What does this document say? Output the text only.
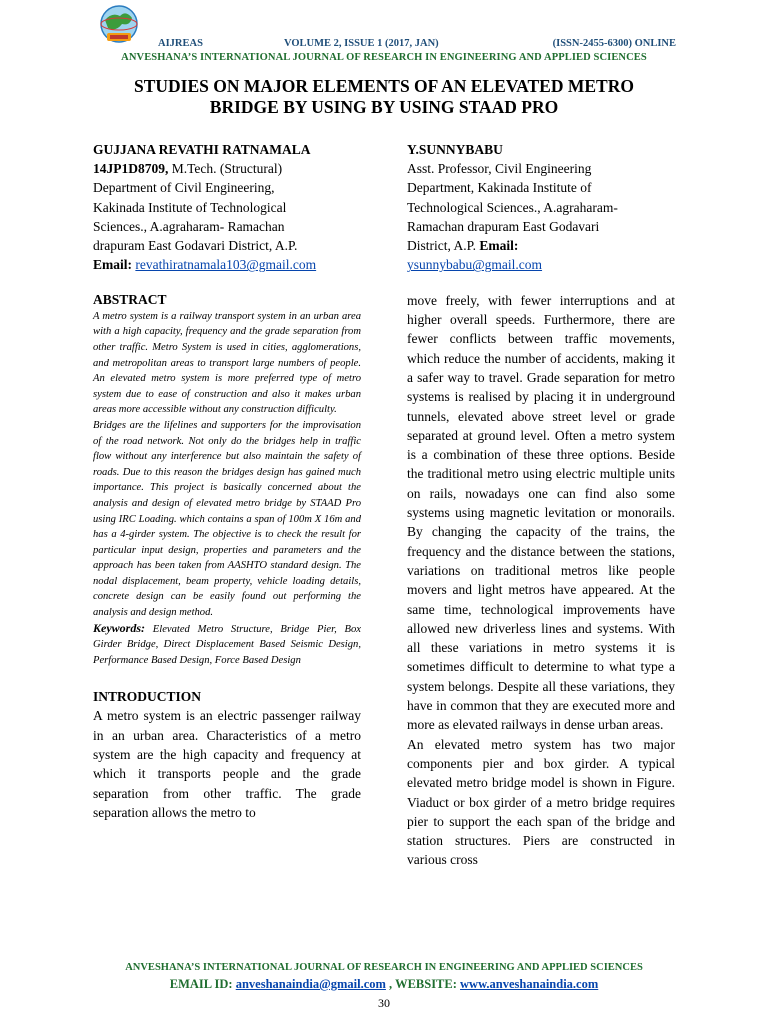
AIJREAS	VOLUME 2, ISSUE 1 (2017, JAN)	(ISSN-2455-6300) ONLINE
ANVESHANA’S INTERNATIONAL JOURNAL OF RESEARCH IN ENGINEERING AND APPLIED SCIENCES
STUDIES ON MAJOR ELEMENTS OF AN ELEVATED METRO
BRIDGE BY USING BY USING STAAD PRO
GUJJANA REVATHI RATNAMALA
14JP1D8709, M.Tech. (Structural)
Department of Civil Engineering,
Kakinada Institute of Technological
Sciences., A.agraharam- Ramachan
drapuram East Godavari District, A.P.
Email: revathiratnamala103@gmail.com
ABSTRACT

A metro system is a railway transport system in an urban area with a high capacity, frequency and the grade separation from other traffic. Metro System is used in cities, agglomerations, and metropolitan areas to transport large numbers of people. An elevated metro system is more preferred type of metro system due to ease of construction and also it makes urban areas more accessible without any construction difficulty.

Bridges are the lifelines and supporters for the improvisation of the road network. Not only do the bridges help in traffic flow without any interference but also maintain the safety of roads. Due to this reason the bridges design has gained much importance. This project is basically concerned about the analysis and design of elevated metro bridge by STAAD Pro using IRC Loading. which contains a span of 100m X 16m and has a 4-girder system. The objective is to check the result for particular input design, properties and parameters and the approach has been taken from AASHTO standard design. The nodal displacement, beam property, vehicle loading details, concrete design can be easily found out performing the analysis and design method.

Keywords: Elevated Metro Structure, Bridge Pier, Box Girder Bridge, Direct Displacement Based Seismic Design, Performance Based Design, Force Based Design
INTRODUCTION

A metro system is an electric passenger railway in an urban area. Characteristics of a metro system are the high capacity and frequency at which it transports people and the grade separation from other traffic. The grade separation allows the metro to

Y.SUNNYBABU
Asst. Professor, Civil Engineering
Department, Kakinada Institute of
Technological Sciences., A.agraharam-
Ramachan drapuram East Godavari
District, A.P. Email:
ysunnybabu@gmail.com

move freely, with fewer interruptions and at higher overall speeds. Furthermore, there are fewer conflicts between traffic movements, which reduce the number of accidents, making it a safer way to travel. Grade separation for metro systems is realised by placing it in underground tunnels, elevated above street level or grade separated at ground level. Often a metro system is a combination of these three options. Beside the traditional metro using electric multiple units on rails, nowadays one can find also some systems using magnetic levitation or monorails. By changing the capacity of the trains, the frequency and the distance between the stations, variations on traditional metros like people movers and light metros have appeared. At the same time, technological improvements have allowed new driverless lines and systems. With all these variations in metro systems it is sometimes difficult to determine to what type a system belongs. Despite all these variations, they have in common that they are executed more and more as elevated railways in dense urban areas.

An elevated metro system has two major components pier and box girder. A typical elevated metro bridge model is shown in Figure. Viaduct or box girder of a metro bridge requires pier to support the each span of the bridge and station structures. Piers are constructed in various cross

ANVESHANA’S INTERNATIONAL JOURNAL OF RESEARCH IN ENGINEERING AND APPLIED SCIENCES
EMAIL ID: anveshanaindia@gmail.com , WEBSITE: www.anveshanaindia.com
30
